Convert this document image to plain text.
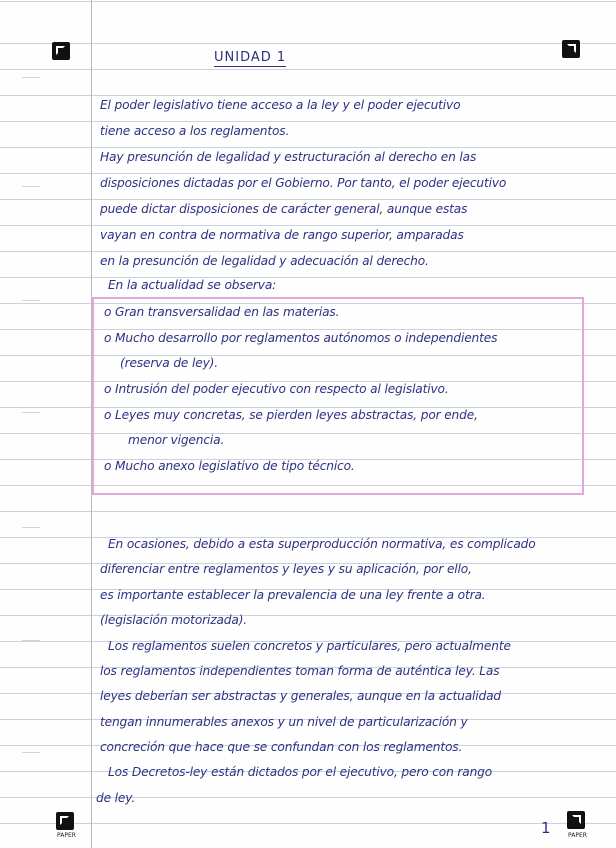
PAPER	PAPER
UNIDAD 1
El poder legislativo tiene acceso a la ley y el poder ejecutivo
tiene acceso a los reglamentos.
Hay presunción de legalidad y estructuración al derecho en las
disposiciones dictadas por el Gobierno. Por tanto, el poder ejecutivo
puede dictar disposiciones de carácter general, aunque estas
vayan en contra de normativa de rango superior, amparadas
en la presunción de legalidad y adecuación al derecho.
En la actualidad se observa:
o Gran transversalidad en las materias.
o Mucho desarrollo por reglamentos autónomos o independientes
(reserva de ley).
o Intrusión del poder ejecutivo con respecto al legislativo.
o Leyes muy concretas, se pierden leyes abstractas, por ende,
menor vigencia.
o Mucho anexo legislativo de tipo técnico.
En ocasiones, debido a esta superproducción normativa, es complicado
diferenciar entre reglamentos y leyes y su aplicación, por ello,
es importante establecer la prevalencia de una ley frente a otra.
(legislación motorizada).
Los reglamentos suelen concretos y particulares, pero actualmente
los reglamentos independientes toman forma de auténtica ley. Las
leyes deberían ser abstractas y generales, aunque en la actualidad
tengan innumerables anexos y un nivel de particularización y
concreción que hace que se confundan con los reglamentos.
Los Decretos-ley están dictados por el ejecutivo, pero con rango
de ley.
1
